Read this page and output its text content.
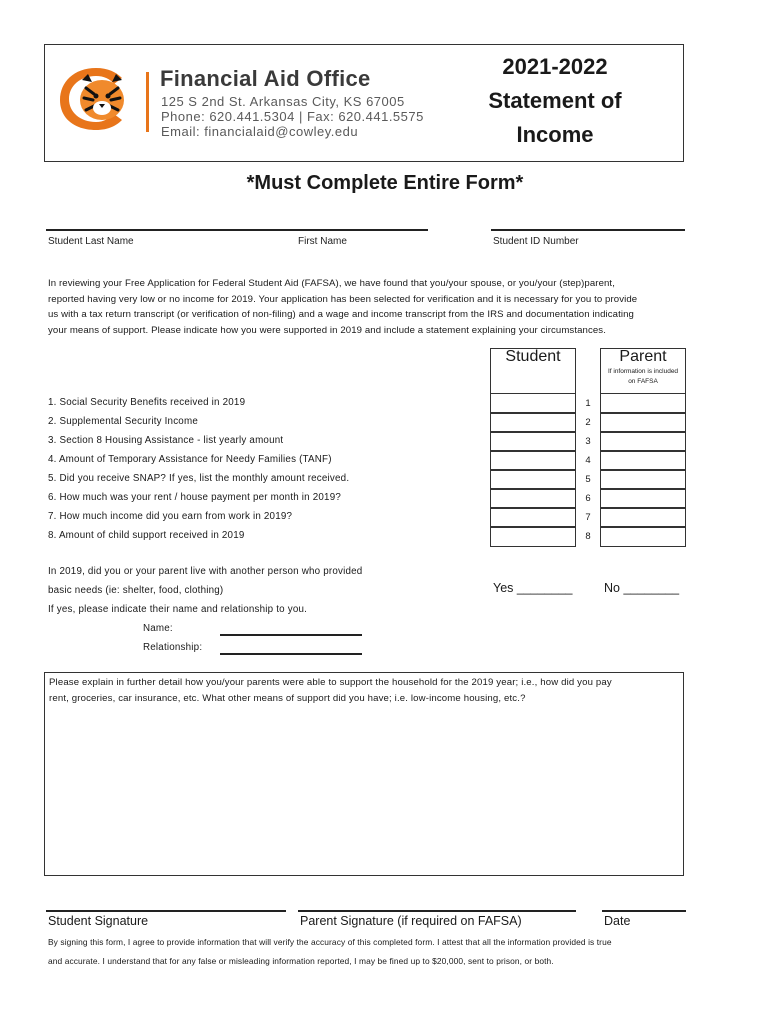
Financial Aid Office
125 S 2nd St. Arkansas City, KS 67005
Phone: 620.441.5304 | Fax: 620.441.5575
Email: financialaid@cowley.edu
2021-2022
Statement of
Income
*Must Complete Entire Form*
Student Last Name	First Name	Student ID Number
In reviewing your Free Application for Federal Student Aid (FAFSA), we have found that you/your spouse, or you/your (step)parent,
reported having very low or no income for 2019. Your application has been selected for verification and it is necessary for you to provide
us with a tax return transcript (or verification of non-filing) and a wage and income transcript from the IRS and documentation indicating
your means of support. Please indicate how you were supported in 2019 and include a statement explaining your circumstances.
Student	Parent
If information is included
on FAFSA
1. Social Security Benefits received in 2019	1
2. Supplemental Security Income	2
3. Section 8 Housing Assistance - list yearly amount	3
4. Amount of Temporary Assistance for Needy Families (TANF)	4
5. Did you receive SNAP? If yes, list the monthly amount received.	5
6. How much was your rent / house payment per month in 2019?	6
7. How much income did you earn from work in 2019?	7
8. Amount of child support received in 2019	8
In 2019, did you or your parent live with another person who provided
basic needs (ie: shelter, food, clothing)	Yes ________	No ________
If yes, please indicate their name and relationship to you.
Name:
Relationship:
Please explain in further detail how you/your parents were able to support the household for the 2019 year; i.e., how did you pay
rent, groceries, car insurance, etc. What other means of support did you have; i.e. low-income housing, etc.?
Student Signature	Parent Signature (if required on FAFSA)	Date
By signing this form, I agree to provide information that will verify the accuracy of this completed form. I attest that all the information provided is true
and accurate. I understand that for any false or misleading information reported, I may be fined up to $20,000, sent to prison, or both.
